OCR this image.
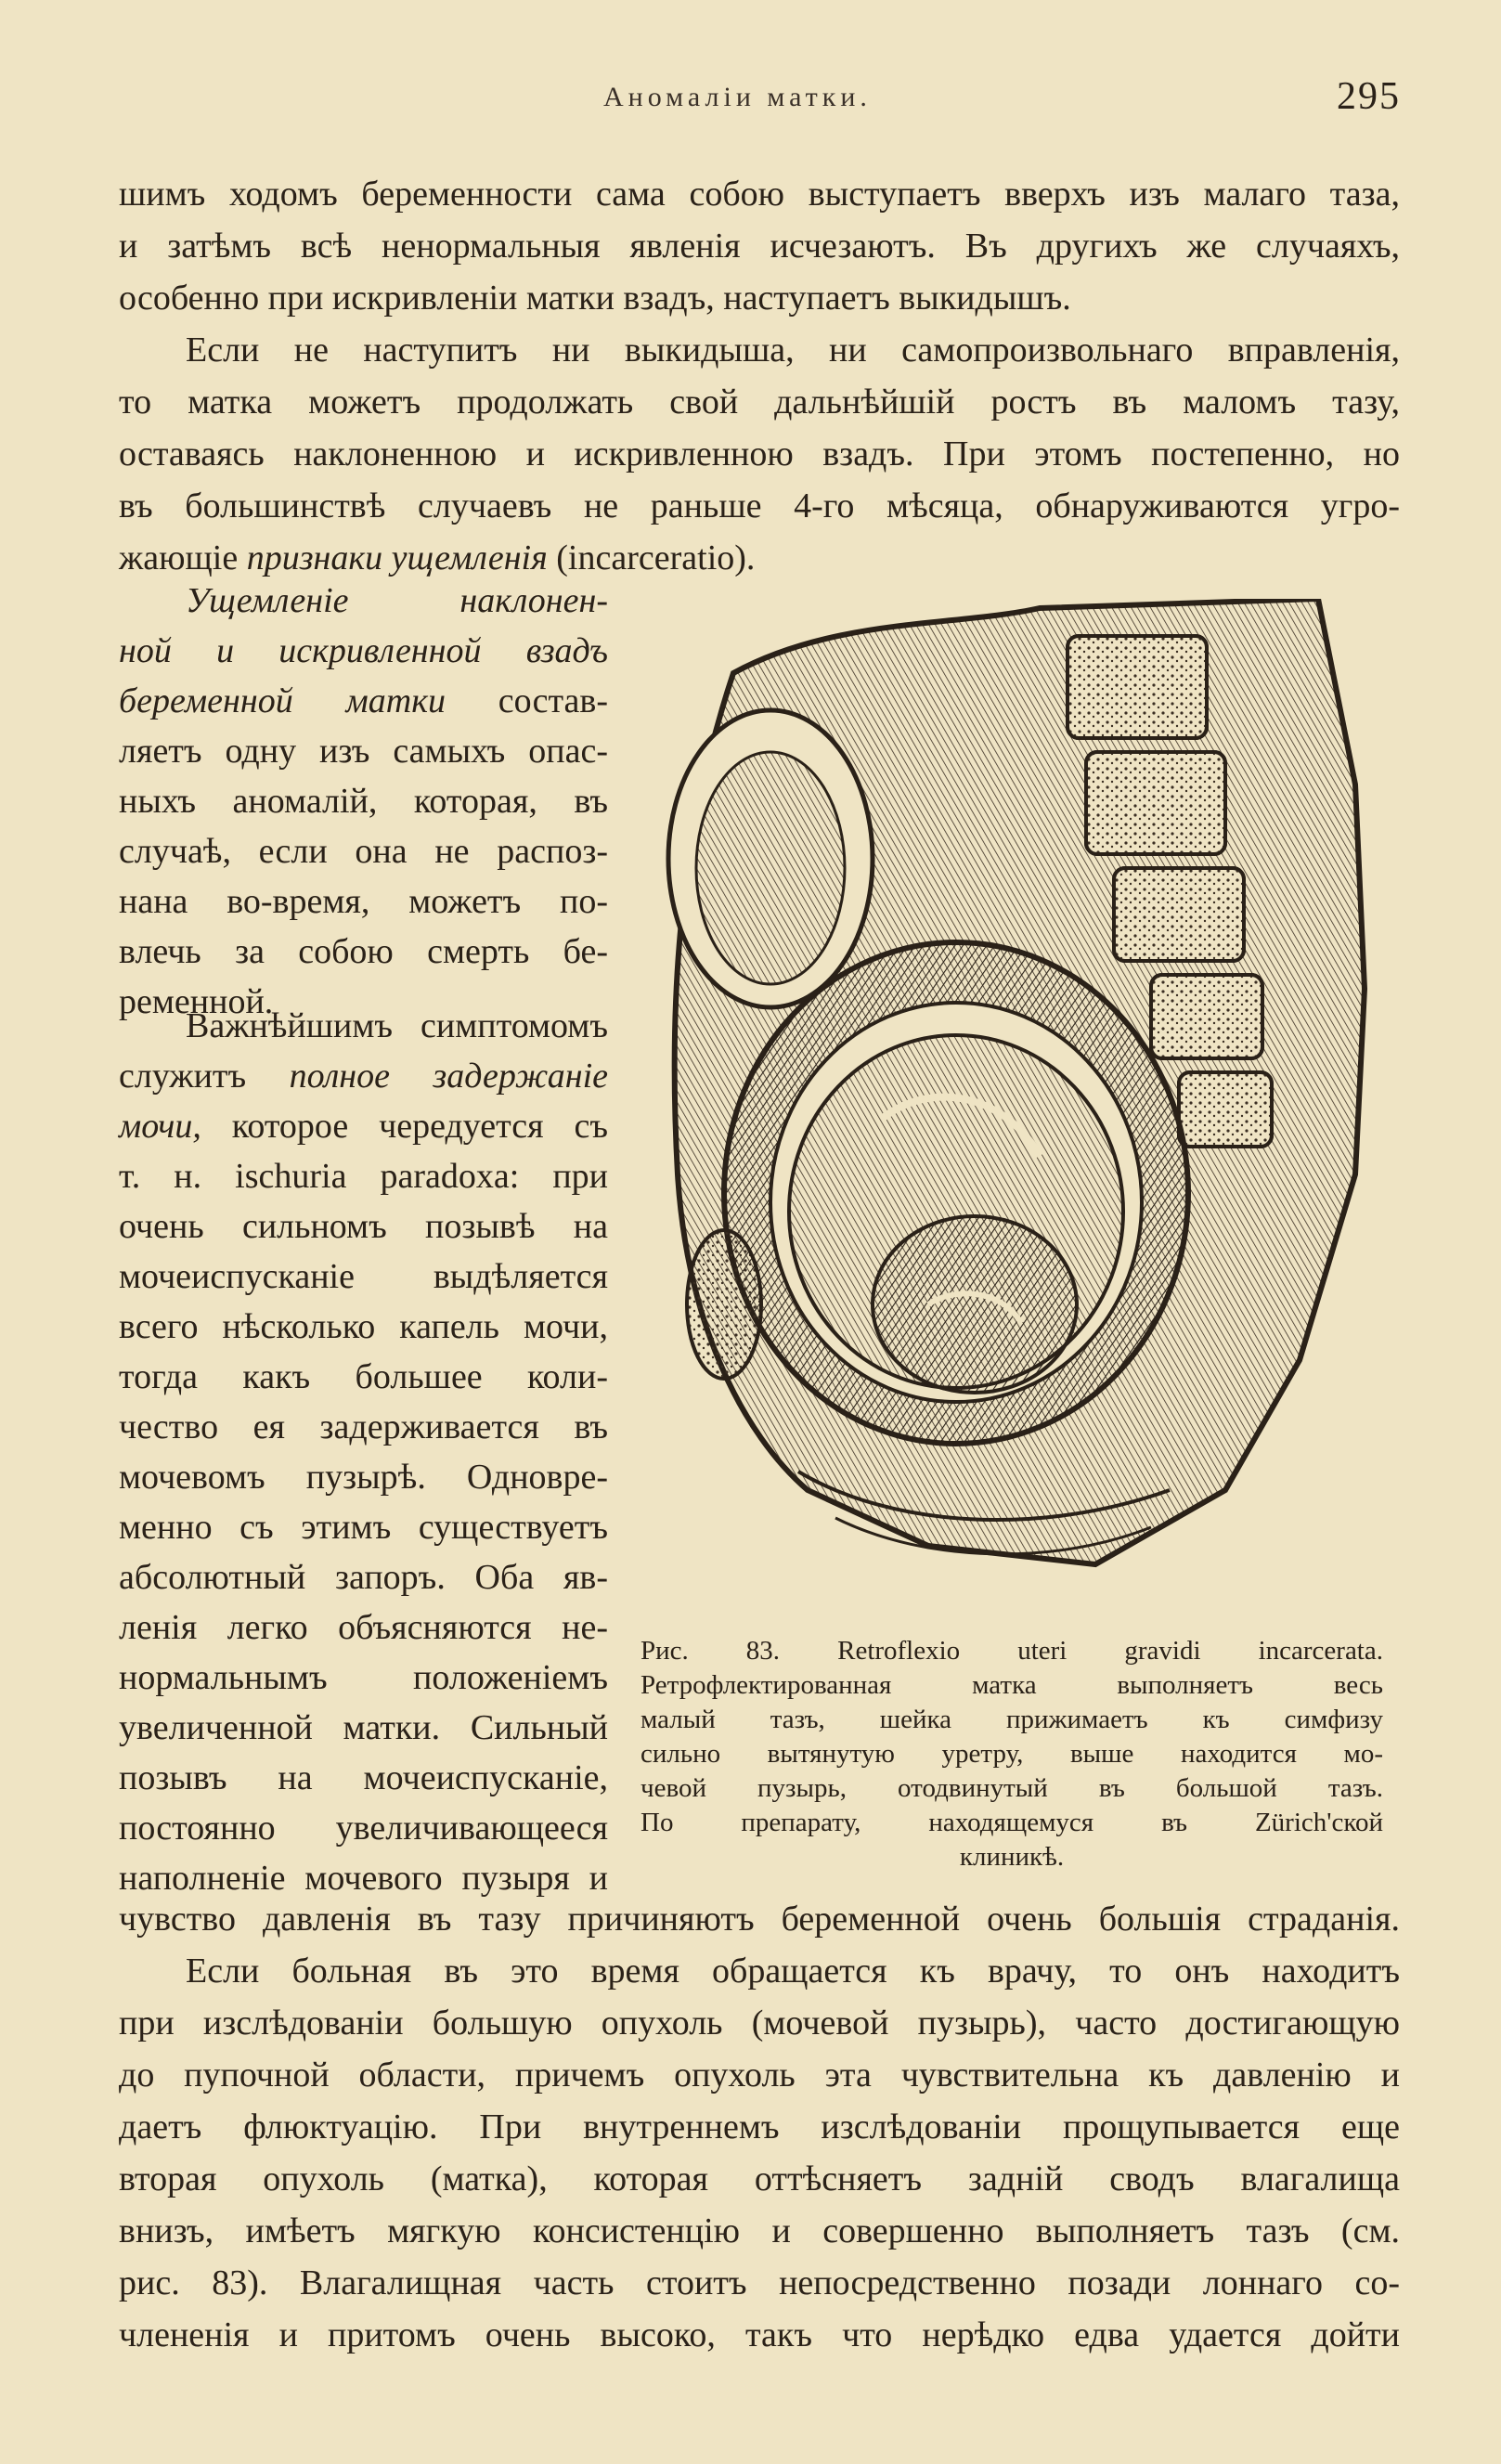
Аномаліи матки.	295
шимъ ходомъ беременности сама собою выступаетъ вверхъ изъ малаго таза,
и затѣмъ всѣ ненормальныя явленія исчезаютъ. Въ другихъ же случаяхъ,
особенно при искривленіи матки взадъ, наступаетъ выкидышъ.
Если не наступитъ ни выкидыша, ни самопроизвольнаго вправленія,
то матка можетъ продолжать свой дальнѣйшій ростъ въ маломъ тазу,
оставаясь наклоненною и искривленною взадъ. При этомъ постепенно, но
въ большинствѣ случаевъ не раньше 4-го мѣсяца, обнаруживаются угро-
жающіе признаки ущемленія (incarceratio).
Ущемленіе наклонен-
ной и искривленной взадъ
беременной матки состав-
ляетъ одну изъ самыхъ опас-
ныхъ аномалій, которая, въ
случаѣ, если она не распоз-
нана во-время, можетъ по-
влечь за собою смерть бе-
ременной.
Важнѣйшимъ симптомомъ
служитъ полное задержаніе
мочи, которое чередуется съ
т. н. ischuria paradoxa: при
очень сильномъ позывѣ на
мочеиспусканіе выдѣляется
всего нѣсколько капель мочи,
тогда какъ большее коли-
чество ея задерживается въ
мочевомъ пузырѣ. Одновре-
менно съ этимъ существуетъ
абсолютный запоръ. Оба яв-
ленія легко объясняются не-
нормальнымъ положеніемъ
увеличенной матки. Сильный
позывъ на мочеиспусканіе,
постоянно увеличивающееся
наполненіе мочевого пузыря и
Рис. 83. Retroflexio uteri gravidi incarcerata.
Ретрофлектированная матка выполняетъ весь
малый тазъ, шейка прижимаетъ къ симфизу
сильно вытянутую уретру, выше находится мо-
чевой пузырь, отодвинутый въ большой тазъ.
По препарату, находящемуся въ Zürich'ской
клиникѣ.
чувство давленія въ тазу причиняютъ беременной очень большія страданія.
Если больная въ это время обращается къ врачу, то онъ находитъ
при изслѣдованіи большую опухоль (мочевой пузырь), часто достигающую
до пупочной области, причемъ опухоль эта чувствительна къ давленію и
даетъ флюктуацію. При внутреннемъ изслѣдованіи прощупывается еще
вторая опухоль (матка), которая оттѣсняетъ задній сводъ влагалища
внизъ, имѣетъ мягкую консистенцію и совершенно выполняетъ тазъ (см.
рис. 83). Влагалищная часть стоитъ непосредственно позади лоннаго со-
члененія и притомъ очень высоко, такъ что нерѣдко едва удается дойти
